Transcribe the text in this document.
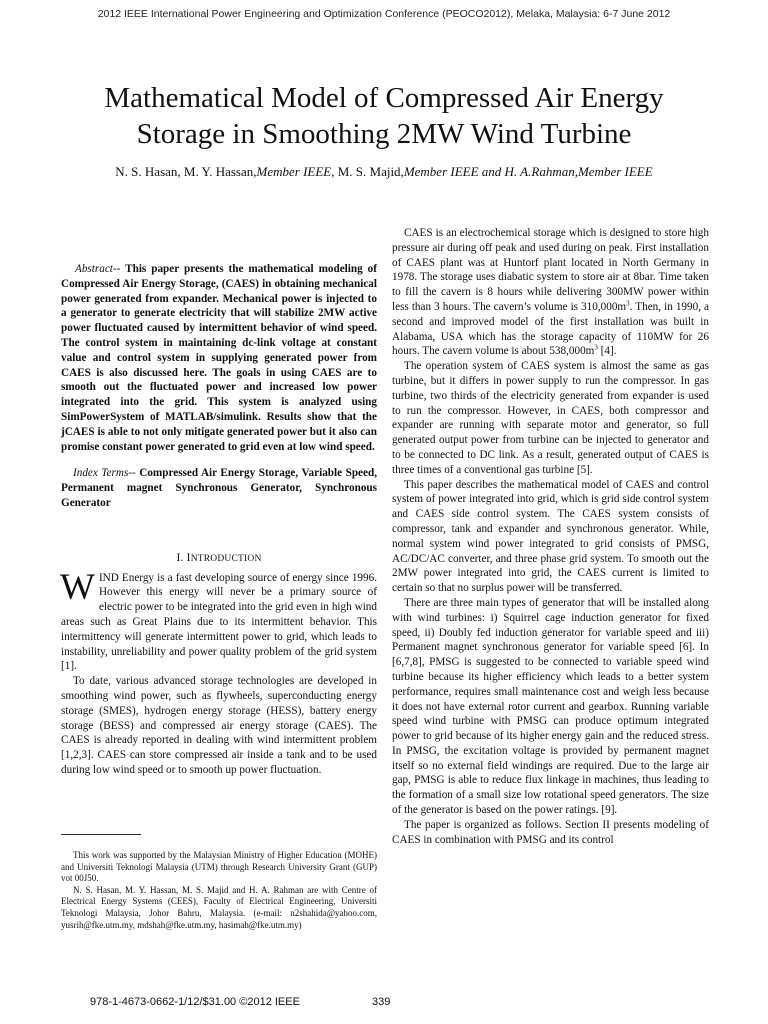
2012 IEEE International Power Engineering and Optimization Conference (PEOCO2012), Melaka, Malaysia: 6-7 June 2012
Mathematical Model of Compressed Air Energy
Storage in Smoothing 2MW Wind Turbine
N. S. Hasan, M. Y. Hassan,Member IEEE, M. S. Majid,Member IEEE and H. A.Rahman,Member IEEE

Abstract-- This paper presents the mathematical modeling of Compressed Air Energy Storage, (CAES) in obtaining mechanical power generated from expander. Mechanical power is injected to a generator to generate electricity that will stabilize 2MW active power fluctuated caused by intermittent behavior of wind speed. The control system in maintaining dc-link voltage at constant value and control system in supplying generated power from CAES is also discussed here. The goals in using CAES are to smooth out the fluctuated power and increased low power integrated into the grid. This system is analyzed using SimPowerSystem of MATLAB/simulink. Results show that the jCAES is able to not only mitigate generated power but it also can promise constant power generated to grid even at low wind speed.

Index Terms-- Compressed Air Energy Storage, Variable Speed, Permanent magnet Synchronous Generator, Synchronous Generator

I. INTRODUCTION
W IND Energy is a fast developing source of energy since 1996. However this energy will never be a primary source of electric power to be integrated into the grid even in high wind areas such as Great Plains due to its intermittent behavior. This intermittency will generate intermittent power to grid, which leads to instability, unreliability and power quality problem of the grid system [1].

To date, various advanced storage technologies are developed in smoothing wind power, such as flywheels, superconducting energy storage (SMES), hydrogen energy storage (HESS), battery energy storage (BESS) and compressed air energy storage (CAES). The CAES is already reported in dealing with wind intermittent problem [1,2,3]. CAES can store compressed air inside a tank and to be used during low wind speed or to smooth up power fluctuation.

This work was supported by the Malaysian Ministry of Higher Education (MOHE) and Universiti Teknologi Malaysia (UTM) through Research University Grant (GUP) vot 00J50.

N. S. Hasan, M. Y. Hassan, M. S. Majid and H. A. Rahman are with Centre of Electrical Energy Systems (CEES), Faculty of Electrical Engineering, Universiti Teknologi Malaysia, Johor Bahru, Malaysia. (e-mail: n2shahida@yahoo.com, yusrih@fke.utm.my, mdshah@fke.utm.my, hasimah@fke.utm.my)

CAES is an electrochemical storage which is designed to store high pressure air during off peak and used during on peak. First installation of CAES plant was at Huntorf plant located in North Germany in 1978. The storage uses diabatic system to store air at 8bar. Time taken to fill the cavern is 8 hours while delivering 300MW power within less than 3 hours. The cavern’s volume is $310,000m^3$. Then, in 1990, a second and improved model of the first installation was built in Alabama, USA which has the storage capacity of 110MW for 26 hours. The cavern volume is about $538,000m^3$ [4].

The operation system of CAES system is almost the same as gas turbine, but it differs in power supply to run the compressor. In gas turbine, two thirds of the electricity generated from expander is used to run the compressor. However, in CAES, both compressor and expander are running with separate motor and generator, so full generated output power from turbine can be injected to generator and to be connected to DC link. As a result, generated output of CAES is three times of a conventional gas turbine [5].

This paper describes the mathematical model of CAES and control system of power integrated into grid, which is grid side control system and CAES side control system. The CAES system consists of compressor, tank and expander and synchronous generator. While, normal system wind power integrated to grid consists of PMSG, AC/DC/AC converter, and three phase grid system. To smooth out the 2MW power integrated into grid, the CAES current is limited to certain so that no surplus power will be transferred.

There are three main types of generator that will be installed along with wind turbines: i) Squirrel cage induction generator for fixed speed, ii) Doubly fed induction generator for variable speed and iii) Permanent magnet synchronous generator for variable speed [6]. In [6,7,8], PMSG is suggested to be connected to variable speed wind turbine because its higher efficiency which leads to a better system performance, requires small maintenance cost and weigh less because it does not have external rotor current and gearbox. Running variable speed wind turbine with PMSG can produce optimum integrated power to grid because of its higher energy gain and the reduced stress. In PMSG, the excitation voltage is provided by permanent magnet itself so no external field windings are required. Due to the large air gap, PMSG is able to reduce flux linkage in machines, thus leading to the formation of a small size low rotational speed generators. The size of the generator is based on the power ratings. [9].

The paper is organized as follows. Section II presents modeling of CAES in combination with PMSG and its control

978-1-4673-0662-1/12/$31.00 ©2012 IEEE	339
